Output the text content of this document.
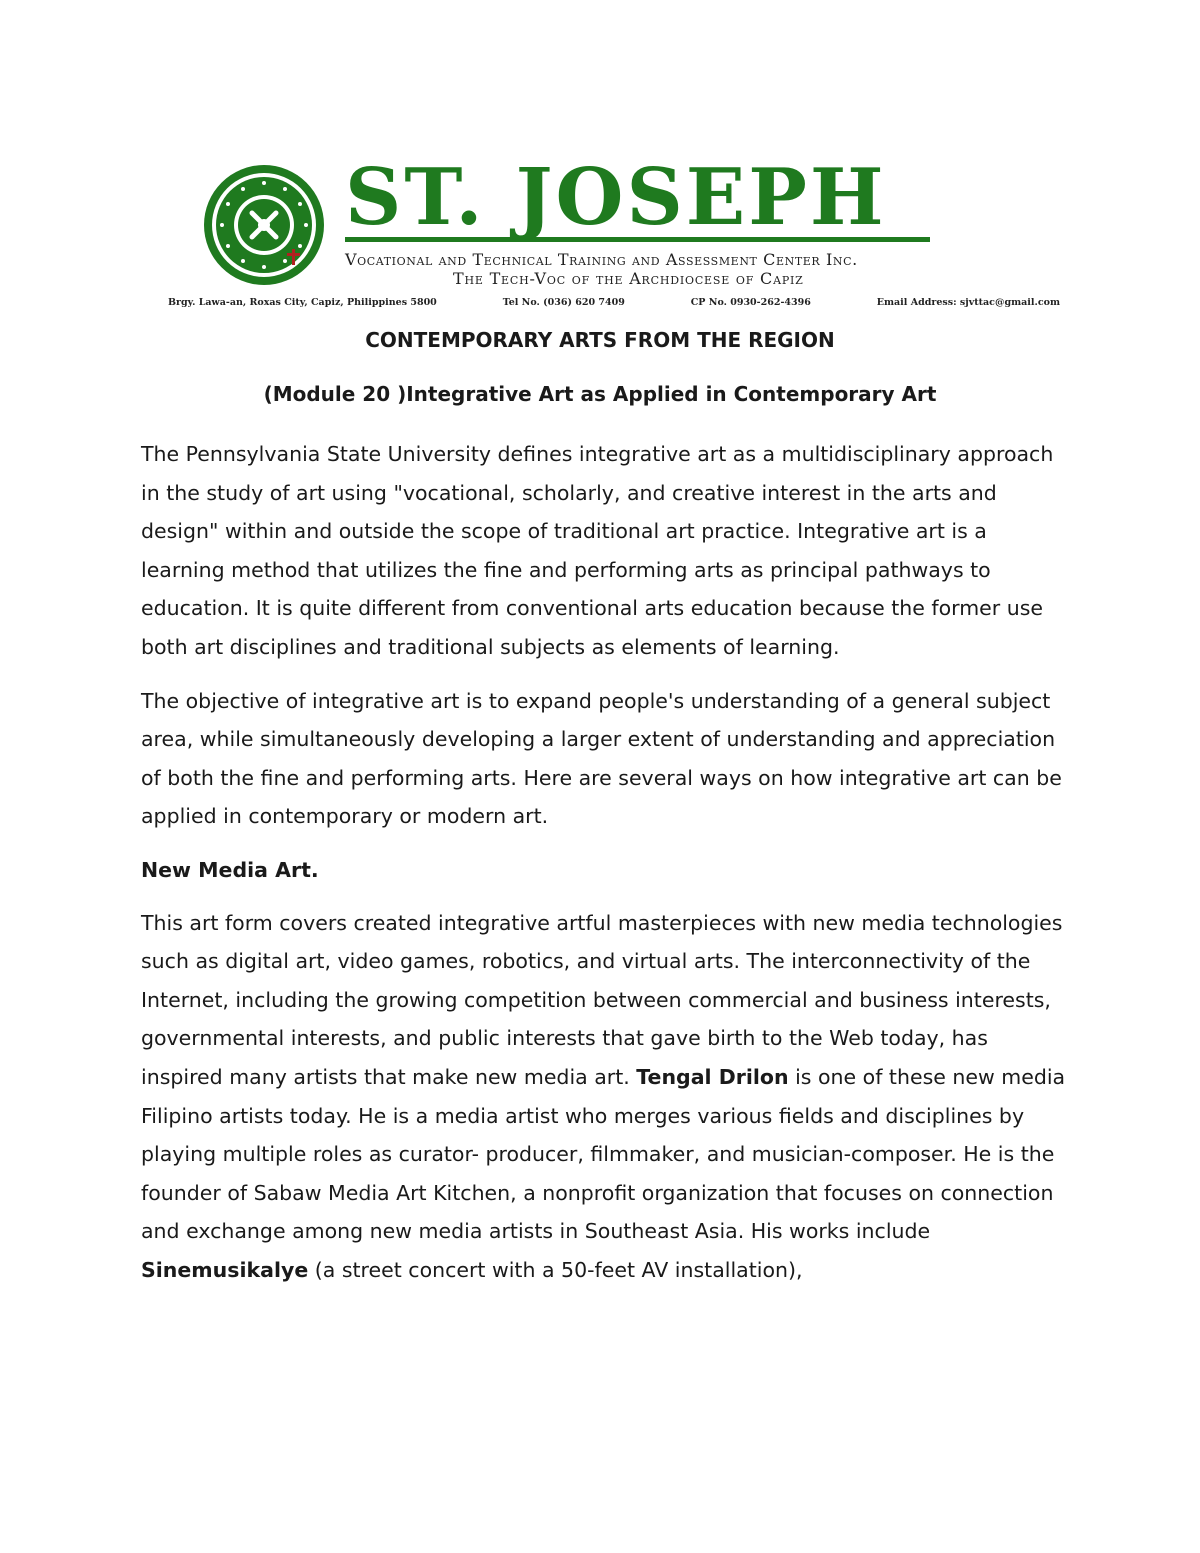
ST. JOSEPH
Vocational and Technical Training and Assessment Center Inc.
The Tech-Voc of the Archdiocese of Capiz
Brgy. Lawa-an, Roxas City, Capiz, Philippines 5800	Tel No. (036) 620 7409	CP No. 0930-262-4396	Email Address: sjvttac@gmail.com
CONTEMPORARY ARTS FROM THE REGION
(Module 20 )Integrative Art as Applied in Contemporary Art

The Pennsylvania State University defines integrative art as a multidisciplinary approach in the study of art using "vocational, scholarly, and creative interest in the arts and design" within and outside the scope of traditional art practice. Integrative art is a learning method that utilizes the fine and performing arts as principal pathways to education. It is quite different from conventional arts education because the former use both art disciplines and traditional subjects as elements of learning.

The objective of integrative art is to expand people's understanding of a general subject area, while simultaneously developing a larger extent of understanding and appreciation of both the fine and performing arts. Here are several ways on how integrative art can be applied in contemporary or modern art.

New Media Art.

This art form covers created integrative artful masterpieces with new media technologies such as digital art, video games, robotics, and virtual arts. The interconnectivity of the Internet, including the growing competition between commercial and business interests, governmental interests, and public interests that gave birth to the Web today, has inspired many artists that make new media art. Tengal Drilon is one of these new media Filipino artists today. He is a media artist who merges various fields and disciplines by playing multiple roles as curator- producer, filmmaker, and musician-composer. He is the founder of Sabaw Media Art Kitchen, a nonprofit organization that focuses on connection and exchange among new media artists in Southeast Asia. His works include Sinemusikalye (a street concert with a 50-feet AV installation),
